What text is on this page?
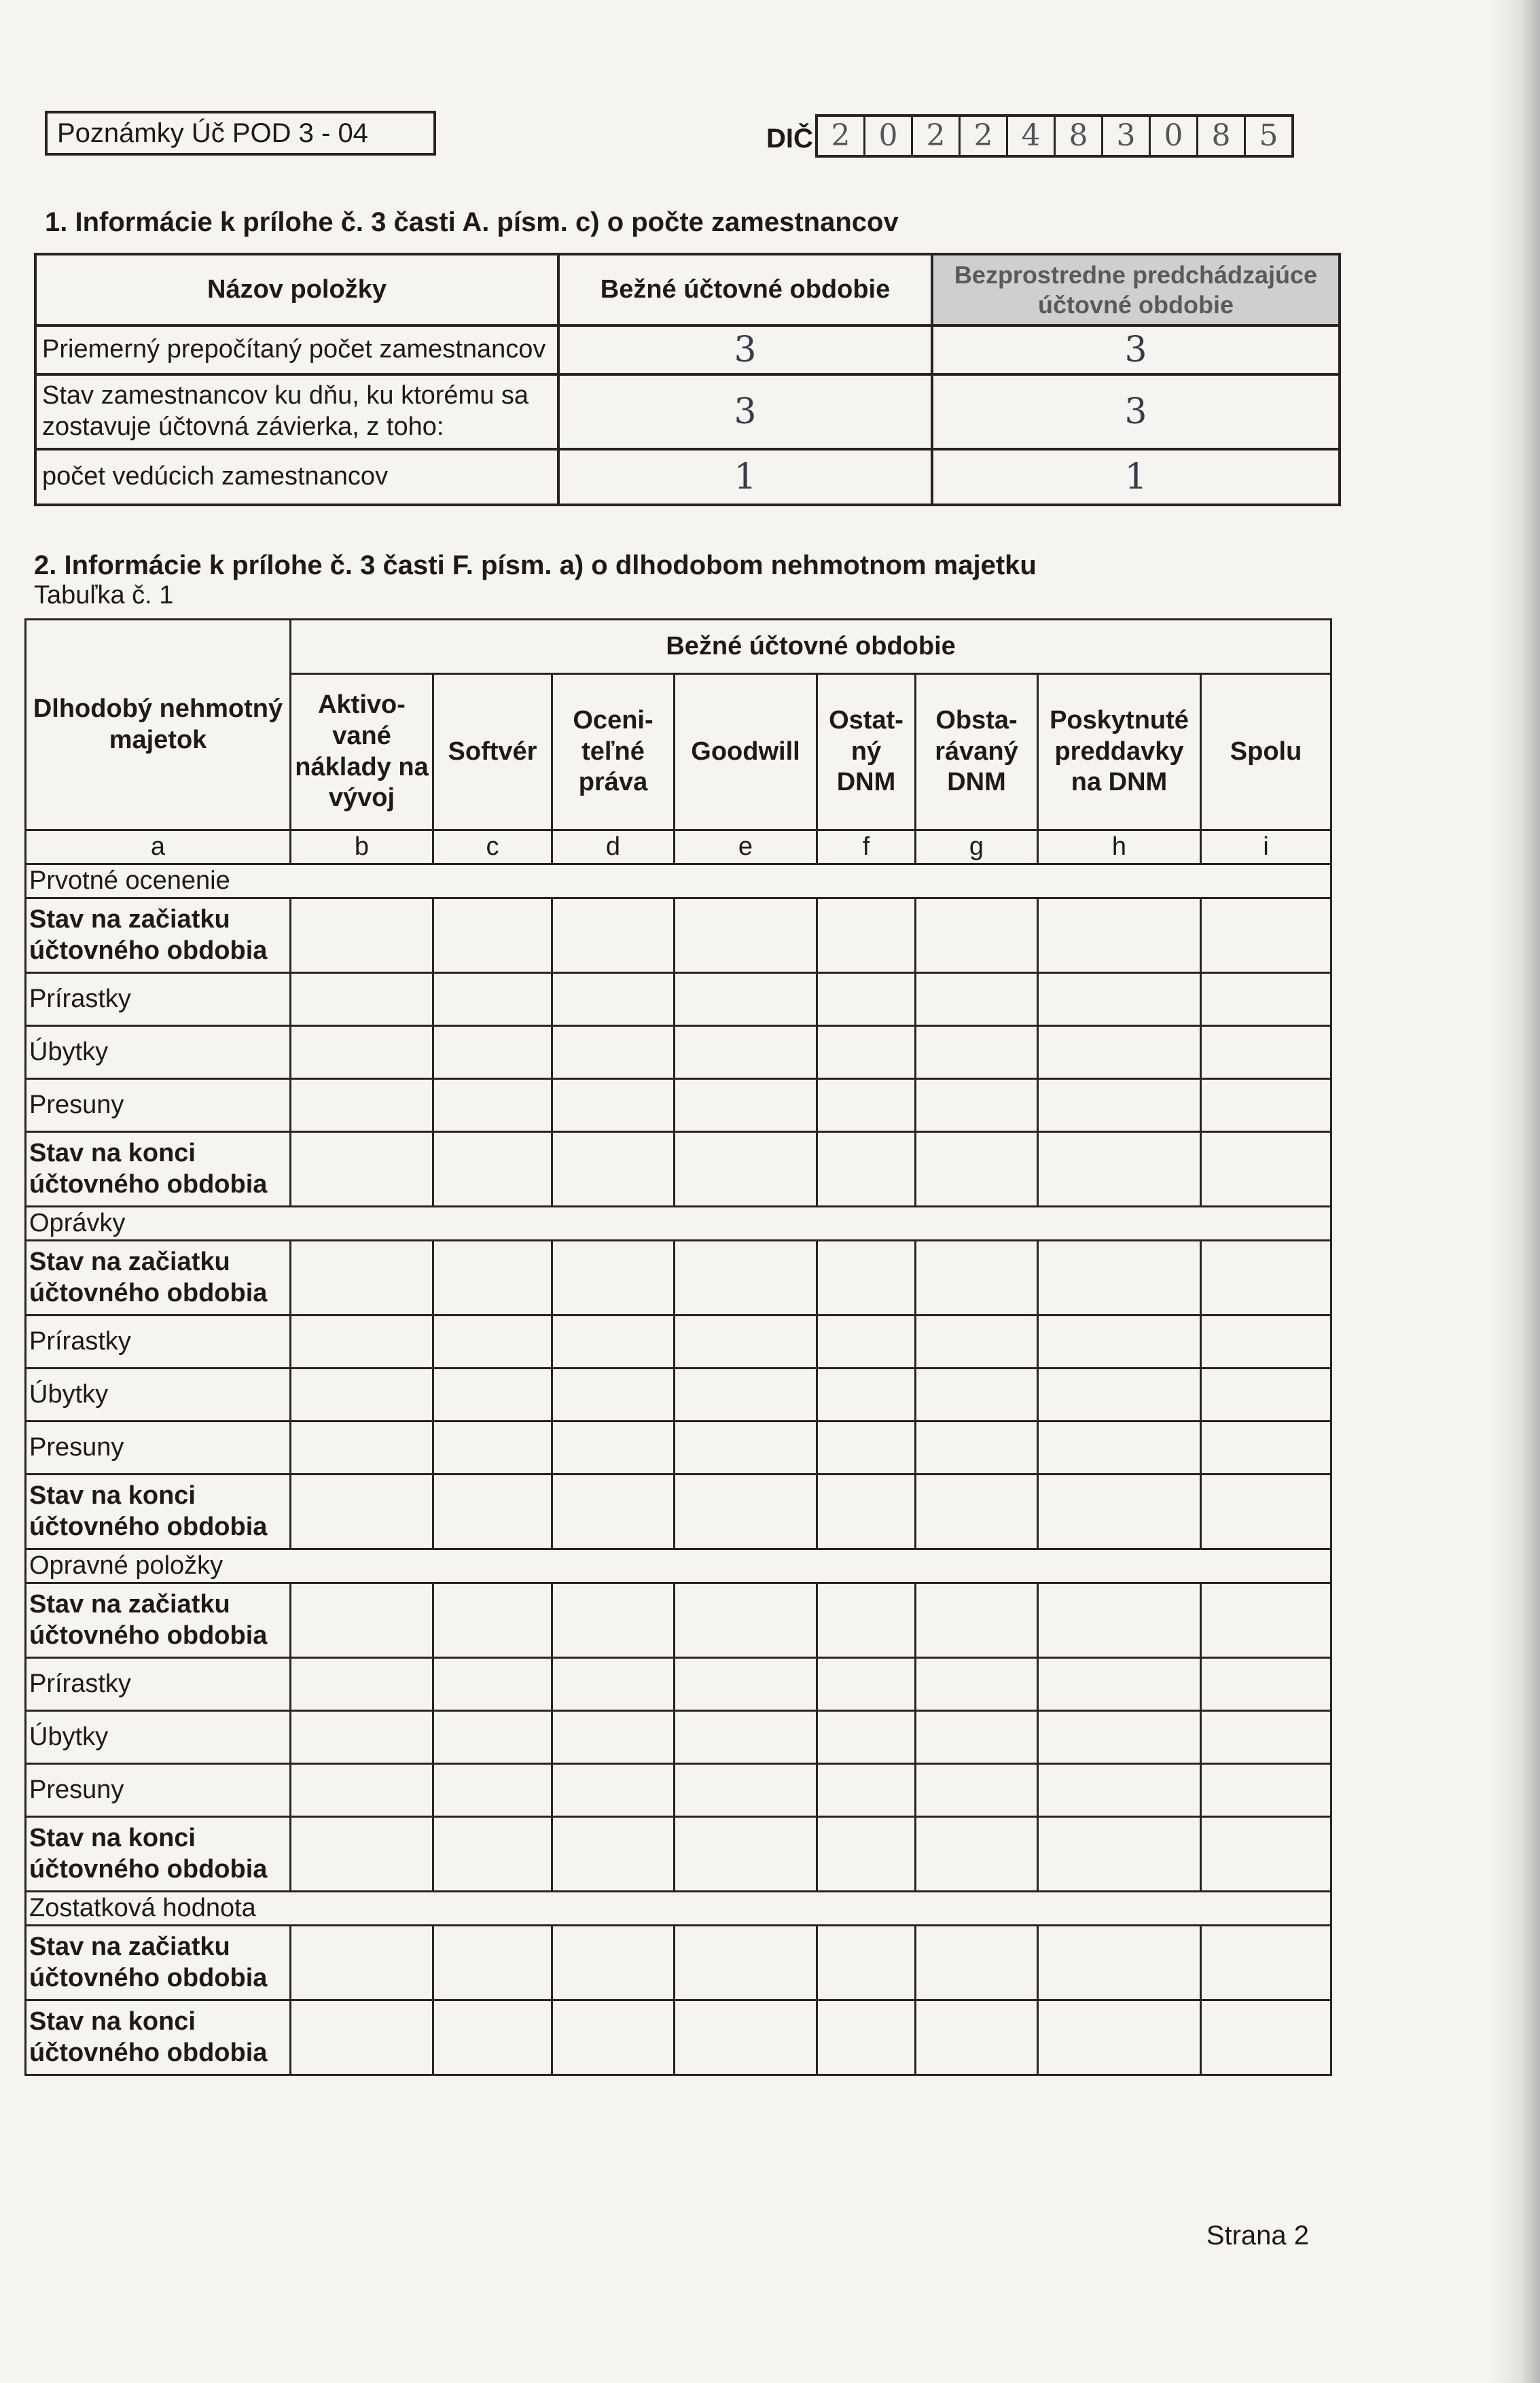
Poznámky Úč POD 3 - 04	DIČ 2 0 2 2 4 8 3 0 8 5
1. Informácie k prílohe č. 3 časti A. písm. c) o počte zamestnancov
Názov položky	Bežné účtovné obdobie	Bezprostredne predchádzajúce účtovné obdobie
Priemerný prepočítaný počet zamestnancov	3	3
Stav zamestnancov ku dňu, ku ktorému sa zostavuje účtovná závierka, z toho:	3	3
počet vedúcich zamestnancov	1	1
2. Informácie k prílohe č. 3 časti F. písm. a) o dlhodobom nehmotnom majetku
Tabuľka č. 1
Dlhodobý nehmotný majetok	Bežné účtovné obdobie							
	Aktivo- vané náklady na vývoj	Softvér	Oceni- teľné práva	Goodwill	Ostat- ný DNM	Obsta- rávaný DNM	Poskytnuté preddavky na DNM	Spolu
a	b	c	d	e	f	g	h	i
Prvotné ocenenie								
Stav na začiatku účtovného obdobia								
Prírastky								
Úbytky								
Presuny								
Stav na konci účtovného obdobia								
Oprávky								
Stav na začiatku účtovného obdobia								
Prírastky								
Úbytky								
Presuny								
Stav na konci účtovného obdobia								
Opravné položky								
Stav na začiatku účtovného obdobia								
Prírastky								
Úbytky								
Presuny								
Stav na konci účtovného obdobia								
Zostatková hodnota								
Stav na začiatku účtovného obdobia								
Stav na konci účtovného obdobia								
Strana 2
